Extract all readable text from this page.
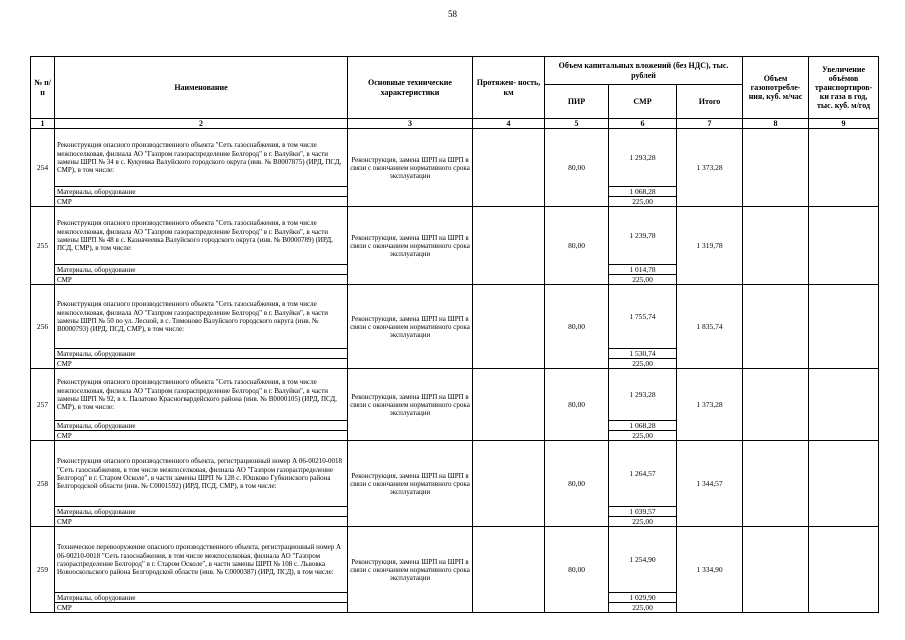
58
№ п/п	Наименование	Основные технические характеристики	Протяжен- ность, км	Объем капитальных вложений (без НДС), тыс. рублей			Объем газопотребле- ния, куб. м/час	Увеличение объёмов транспортиров- ки газа в год, тыс. куб. м/год
				ПИР	СМР	Итого		
1	2	3	4	5	6	7	8	9
254	Реконструкция опасного производственного объекта "Сеть газоснабжения, в том числе межпоселковая, филиала АО "Газпром газораспределение Белгород" в г. Валуйки", в части замены ШРП № 34 в с. Кукуевка Валуйского городского округа (инв. № В0007875) (ИРД, ПСД, СМР), в том числе:	Реконструкция, замена ШРП на ШРП в связи с окончанием нормативного срока эксплуатации		80,00	1 293,28	1 373,28		
	Материалы, оборудование				1 068,28			
	СМР				225,00			
255	Реконструкция опасного производственного объекта "Сеть газоснабжения, в том числе межпоселковая, филиала АО "Газпром газораспределение Белгород" в г. Валуйки", в части замены ШРП № 48 в с. Казначеевка Валуйского городского округа (инв. № В0000789) (ИРД, ПСД, СМР), в том числе:	Реконструкция, замена ШРП на ШРП в связи с окончанием нормативного срока эксплуатации		80,00	1 239,78	1 319,78		
	Материалы, оборудование				1 014,78			
	СМР				225,00			
256	Реконструкция опасного производственного объекта "Сеть газоснабжения, в том числе межпоселковая, филиала АО "Газпром газораспределение Белгород" в г. Валуйки", в части замены ШРП № 50 по ул. Лесной, в с. Тимоново Валуйского городского округа (инв. № В0000793) (ИРД, ПСД, СМР), в том числе:	Реконструкция, замена ШРП на ШРП в связи с окончанием нормативного срока эксплуатации		80,00	1 755,74	1 835,74		
	Материалы, оборудование				1 530,74			
	СМР				225,00			
257	Реконструкция опасного производственного объекта "Сеть газоснабжения, в том числе межпоселковая, филиала АО "Газпром газораспределение Белгород" в г. Валуйки", в части замены ШРП № 92, в х. Палатово Красногвардейского района (инв. № В0000105) (ИРД, ПСД, СМР), в том числе:	Реконструкция, замена ШРП на ШРП в связи с окончанием нормативного срока эксплуатации		80,00	1 293,28	1 373,28		
	Материалы, оборудование				1 068,28			
	СМР				225,00			
258	Реконструкция опасного производственного объекта, регистрационный номер А 06-00210-0018 "Сеть газоснабжения, в том числе межпоселковая, филиала АО "Газпром газораспределение Белгород" в г. Старом Осколе", в части замены ШРП № 128 с. Юшково Губкинского района Белгородской области (инв. № С0001592) (ИРД, ПСД, СМР), в том числе:	Реконструкция, замена ШРП на ШРП в связи с окончанием нормативного срока эксплуатации		80,00	1 264,57	1 344,57		
	Материалы, оборудование				1 039,57			
	СМР				225,00			
259	Техническое перевооружение опасного производственного объекта, регистрационный номер А 06-00210-0018 "Сеть газоснабжения, в том числе межпоселковая, филиала АО "Газпром газораспределение Белгород" в г. Старом Осколе", в части замены ШРП № 108 с. Львовка Новооскольского района Белгородской области (инв. № С0000387) (ИРД, ПСД), в том числе:	Реконструкция, замена ШРП на ШРП в связи с окончанием нормативного срока эксплуатации		80,00	1 254,90	1 334,90		
	Материалы, оборудование				1 029,90			
	СМР				225,00			
